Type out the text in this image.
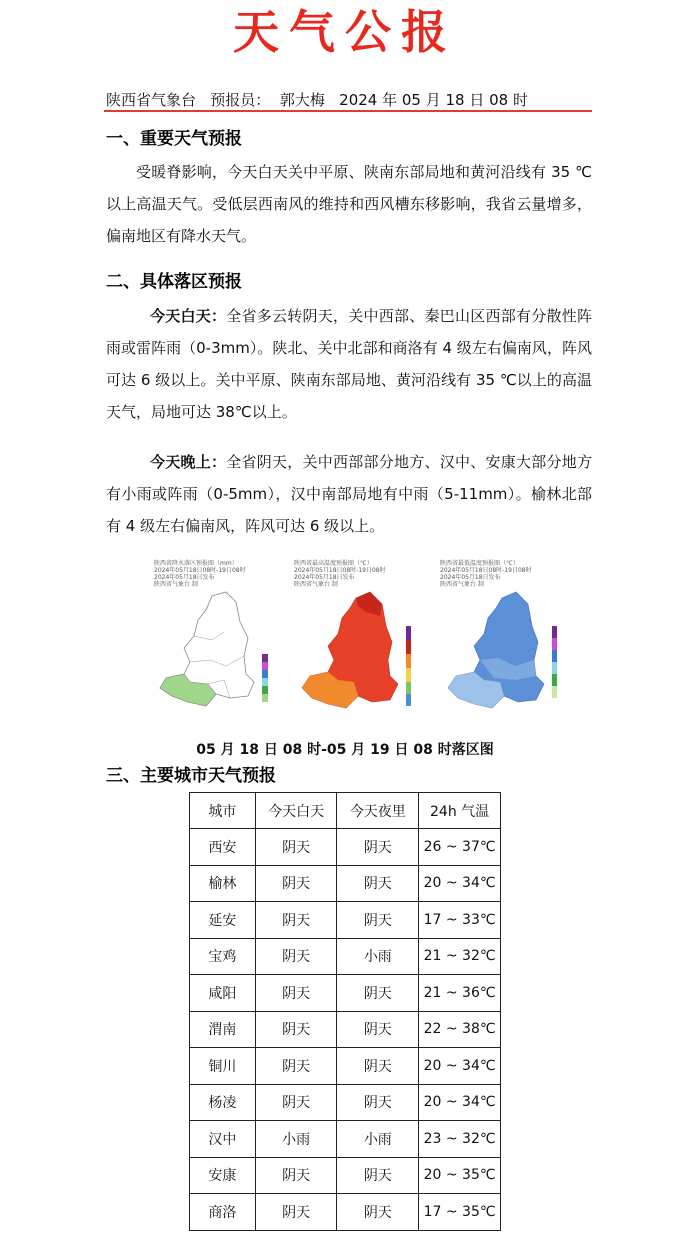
天气公报
陕西省气象台   预报员：  郭大梅   2024 年 05 月 18 日 08 时
一、重要天气预报
受暖脊影响，今天白天关中平原、陕南东部局地和黄河沿线有 35 ℃以上高温天气。受低层西南风的维持和西风槽东移影响，我省云量增多，偏南地区有降水天气。
二、具体落区预报
今天白天：全省多云转阴天，关中西部、秦巴山区西部有分散性阵雨或雷阵雨（0-3mm）。陕北、关中北部和商洛有 4 级左右偏南风，阵风可达 6 级以上。关中平原、陕南东部局地、黄河沿线有 35 ℃以上的高温天气，局地可达 38℃以上。
今天晚上：全省阴天，关中西部部分地方、汉中、安康大部分地方有小雨或阵雨（0-5mm），汉中南部局地有中雨（5-11mm）。榆林北部有 4 级左右偏南风，阵风可达 6 级以上。
陕西省降水落区预报图（mm）
2024年05月18日08时-19日08时
2024年05月18日发布
陕西省气象台 制
陕西省最高温度预报图（℃）
2024年05月18日08时-19日08时
2024年05月18日发布
陕西省气象台 制
陕西省最低温度预报图（℃）
2024年05月18日08时-19日08时
2024年05月18日发布
陕西省气象台 制
05 月 18 日 08 时-05 月 19 日 08 时落区图
三、主要城市天气预报
城市	今天白天	今天夜里	24h 气温
西安	阴天	阴天	26 ~ 37℃
榆林	阴天	阴天	20 ~ 34℃
延安	阴天	阴天	17 ~ 33℃
宝鸡	阴天	小雨	21 ~ 32℃
咸阳	阴天	阴天	21 ~ 36℃
渭南	阴天	阴天	22 ~ 38℃
铜川	阴天	阴天	20 ~ 34℃
杨凌	阴天	阴天	20 ~ 34℃
汉中	小雨	小雨	23 ~ 32℃
安康	阴天	阴天	20 ~ 35℃
商洛	阴天	阴天	17 ~ 35℃
